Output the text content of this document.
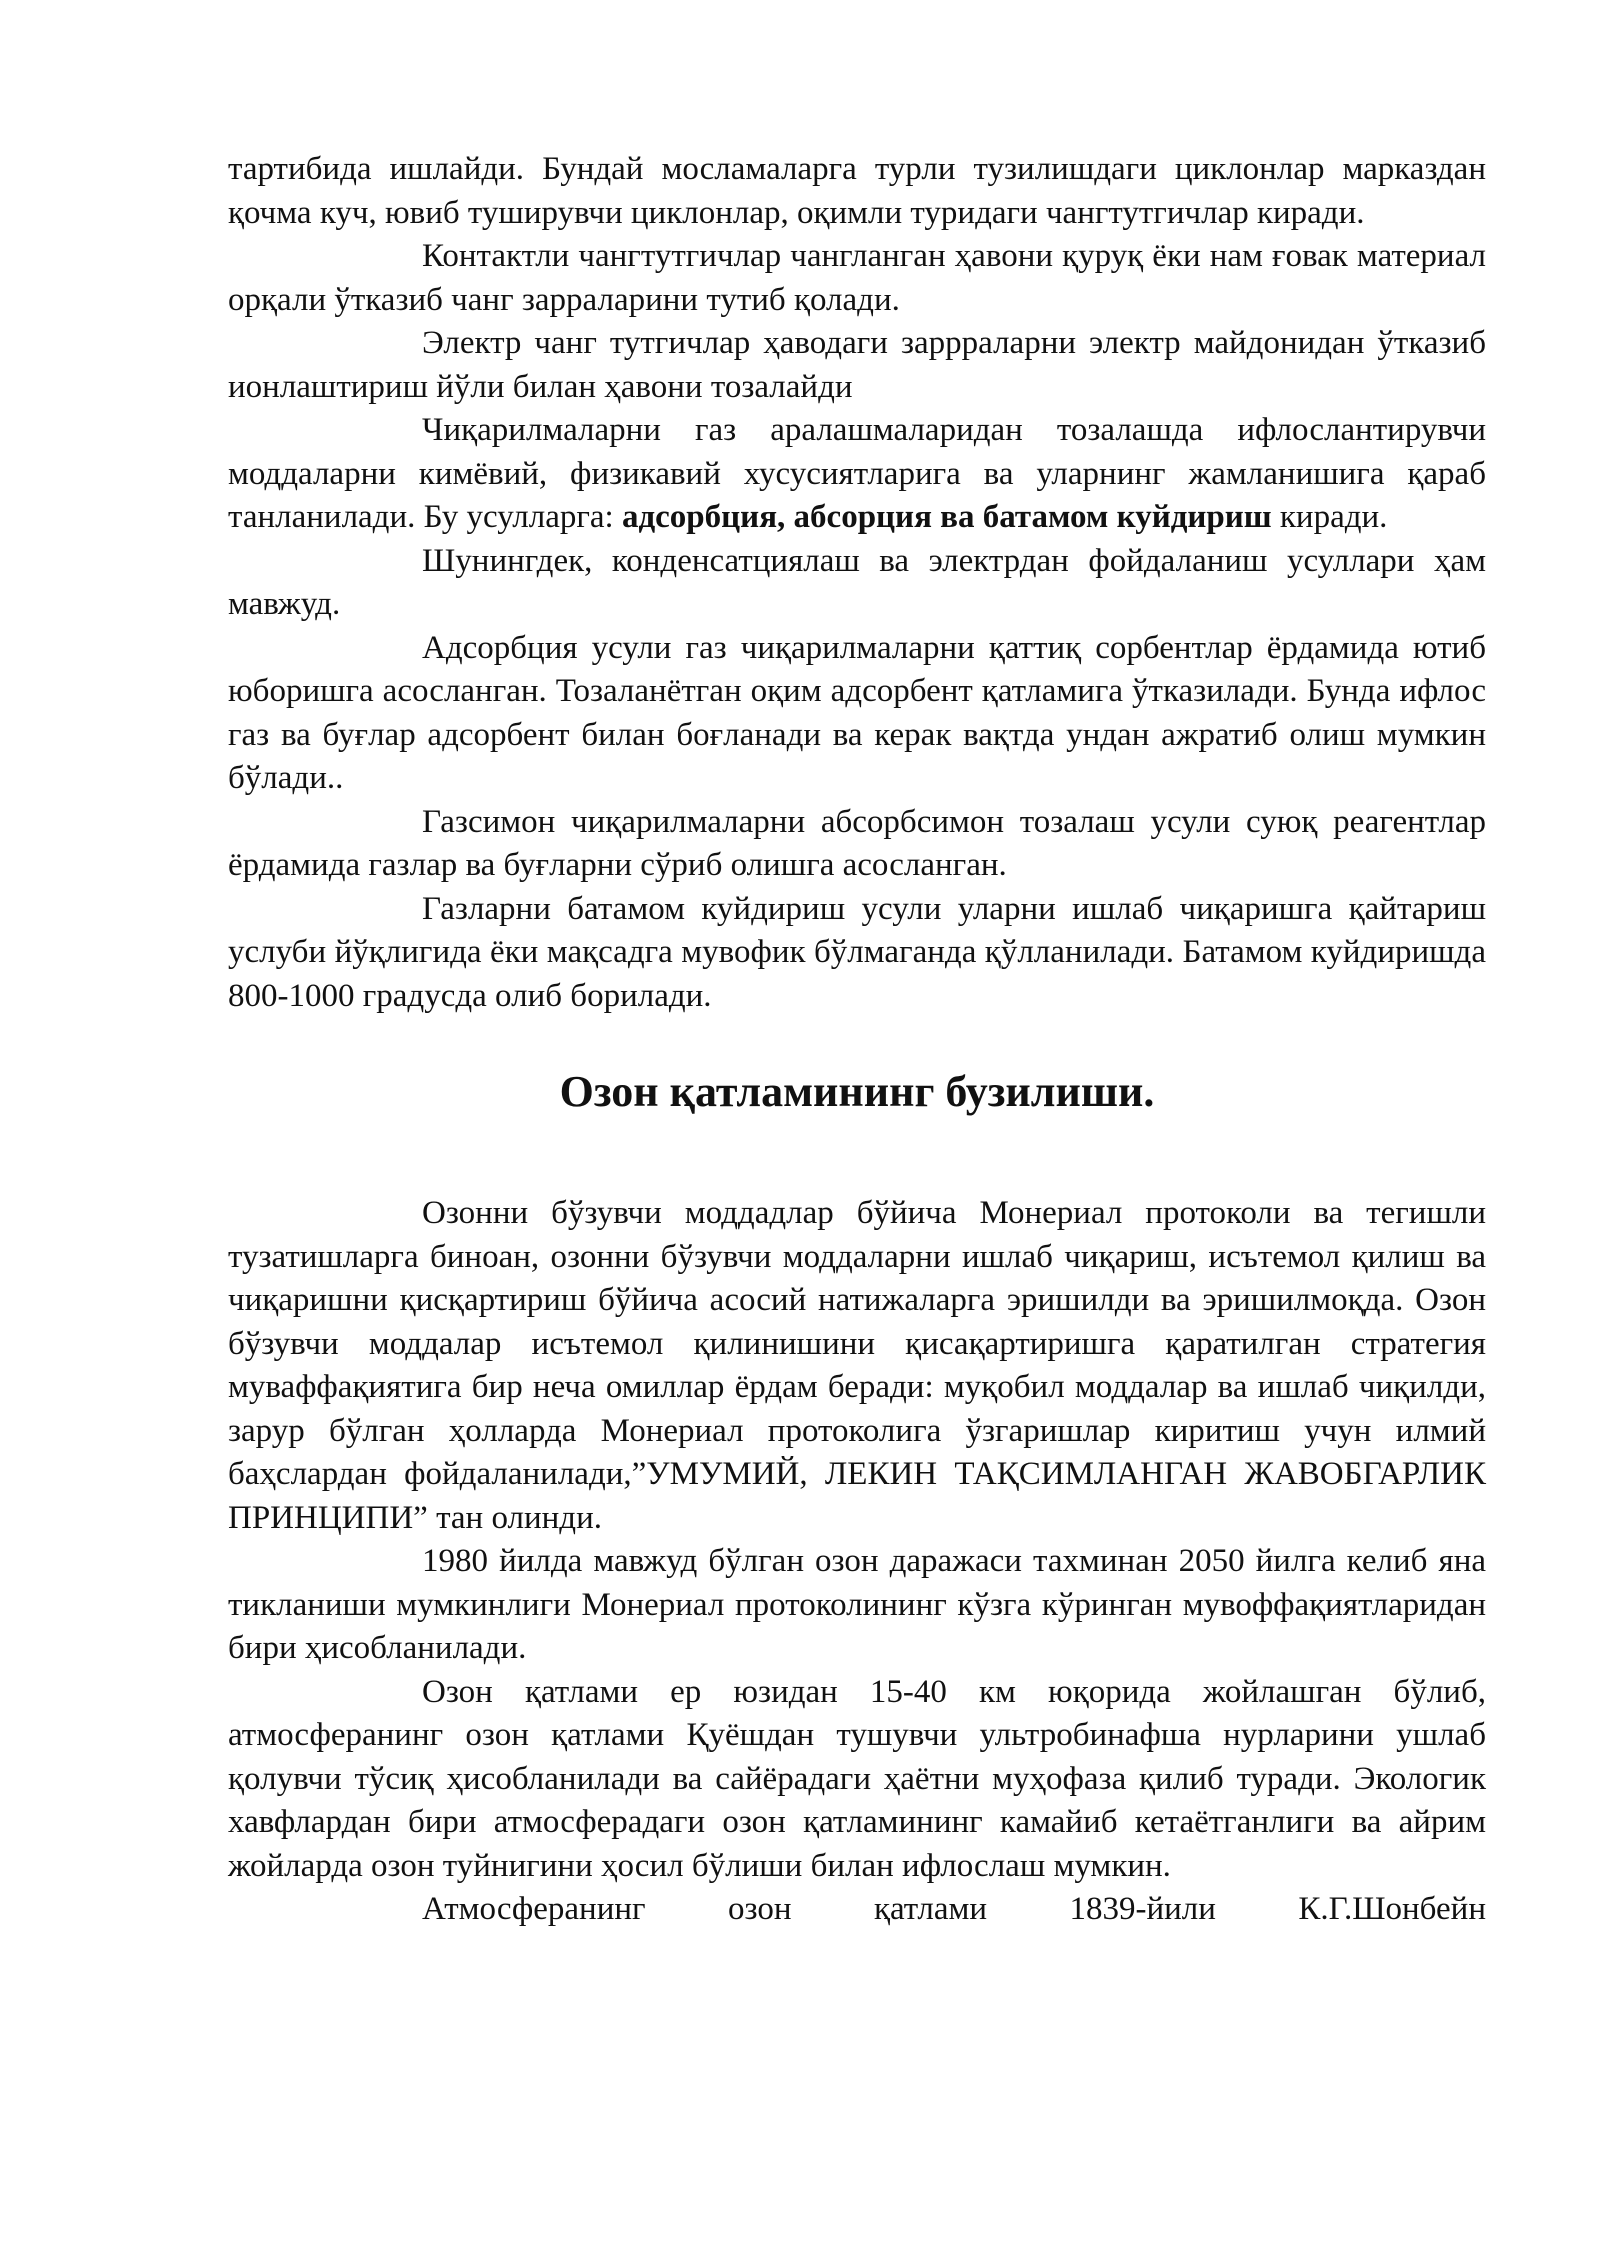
тартибида ишлайди. Бундай мосламаларга турли тузилишдаги циклонлар марказдан қочма куч, ювиб туширувчи циклонлар, оқимли туридаги чангтутгичлар киради.

Контактли чангтутгичлар чангланган ҳавони қуруқ ёки нам ғовак материал орқали ўтказиб чанг зарраларини тутиб қолади.

Электр чанг тутгичлар ҳаводаги заррраларни электр майдонидан ўтказиб ионлаштириш йўли билан ҳавони тозалайди

Чиқарилмаларни газ аралашмаларидан тозалашда ифлослантирувчи моддаларни кимёвий, физикавий хусусиятларига ва уларнинг жамланишига қараб танланилади. Бу усулларга: адсорбция, абсорция ва батамом куйдириш киради.

Шунингдек, конденсатциялаш ва электрдан фойдаланиш усуллари ҳам мавжуд.

Адсорбция усули газ чиқарилмаларни қаттиқ сорбентлар ёрдамида ютиб юборишга асосланган. Тозаланётган оқим адсорбент қатламига ўтказилади. Бунда ифлос газ ва буғлар адсорбент билан боғланади ва керак вақтда ундан ажратиб олиш мумкин бўлади..

Газсимон чиқарилмаларни абсорбсимон тозалаш усули суюқ реагентлар ёрдамида газлар ва буғларни сўриб олишга асосланган.

Газларни батамом куйдириш усули уларни ишлаб чиқаришга қайтариш услуби йўқлигида ёки мақсадга мувофик бўлмаганда қўлланилади. Батамом куйдиришда 800-1000 градусда олиб борилади.

Озон қатламининг бузилиши.

Озонни бўзувчи моддадлар бўйича Монериал протоколи ва тегишли тузатишларга биноан, озонни бўзувчи моддаларни ишлаб чиқариш, исътемол қилиш ва чиқаришни қисқартириш бўйича асосий натижаларга эришилди ва эришилмоқда. Озон бўзувчи моддалар исътемол қилинишини қисақартиришга қаратилган стратегия муваффақиятига бир неча омиллар ёрдам беради: муқобил моддалар ва ишлаб чиқилди, зарур бўлган ҳолларда Монериал протоколига ўзгаришлар киритиш учун илмий баҳслардан фойдаланилади,”УМУМИЙ, ЛЕКИН ТАҚСИМЛАНГАН ЖАВОБГАРЛИК ПРИНЦИПИ” тан олинди.

1980 йилда мавжуд бўлган озон даражаси тахминан 2050 йилга келиб яна тикланиши мумкинлиги Монериал протоколининг кўзга кўринган мувоффақиятларидан бири ҳисобланилади.

Озон қатлами ер юзидан 15-40 км юқорида жойлашган бўлиб, атмосферанинг озон қатлами Қуёшдан тушувчи ультробинафша нурларини ушлаб қолувчи тўсиқ ҳисобланилади ва сайёрадаги ҳаётни муҳофаза қилиб туради. Экологик хавфлардан бири атмосферадаги озон қатламининг камайиб кетаётганлиги ва айрим жойларда озон туйнигини ҳосил бўлиши билан ифлослаш мумкин.

Атмосферанинг озон қатлами 1839-йили К.Г.Шонбейн
